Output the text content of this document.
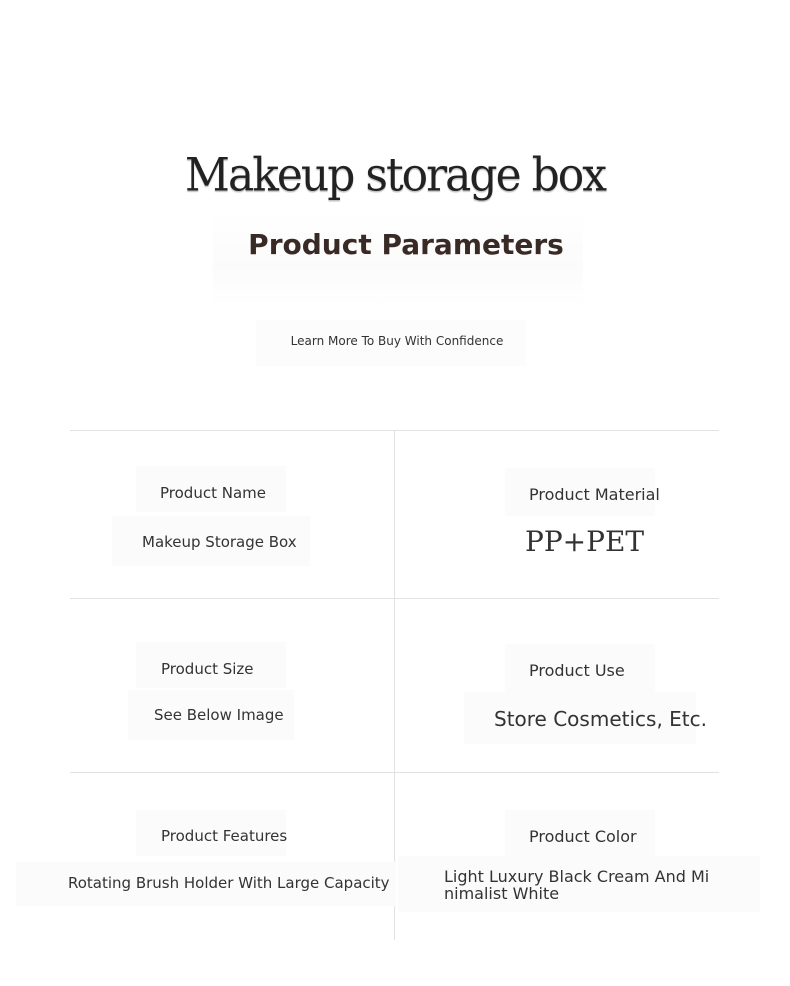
Makeup storage box
Product Parameters
Learn More To Buy With Confidence
Product Name
Makeup Storage Box
Product Material
PP+PET
Product Size
See Below Image
Product Use
Store Cosmetics, Etc.
Product Features
Rotating Brush Holder With Large Capacity
Product Color
Light Luxury Black Cream And Mi
nimalist White
